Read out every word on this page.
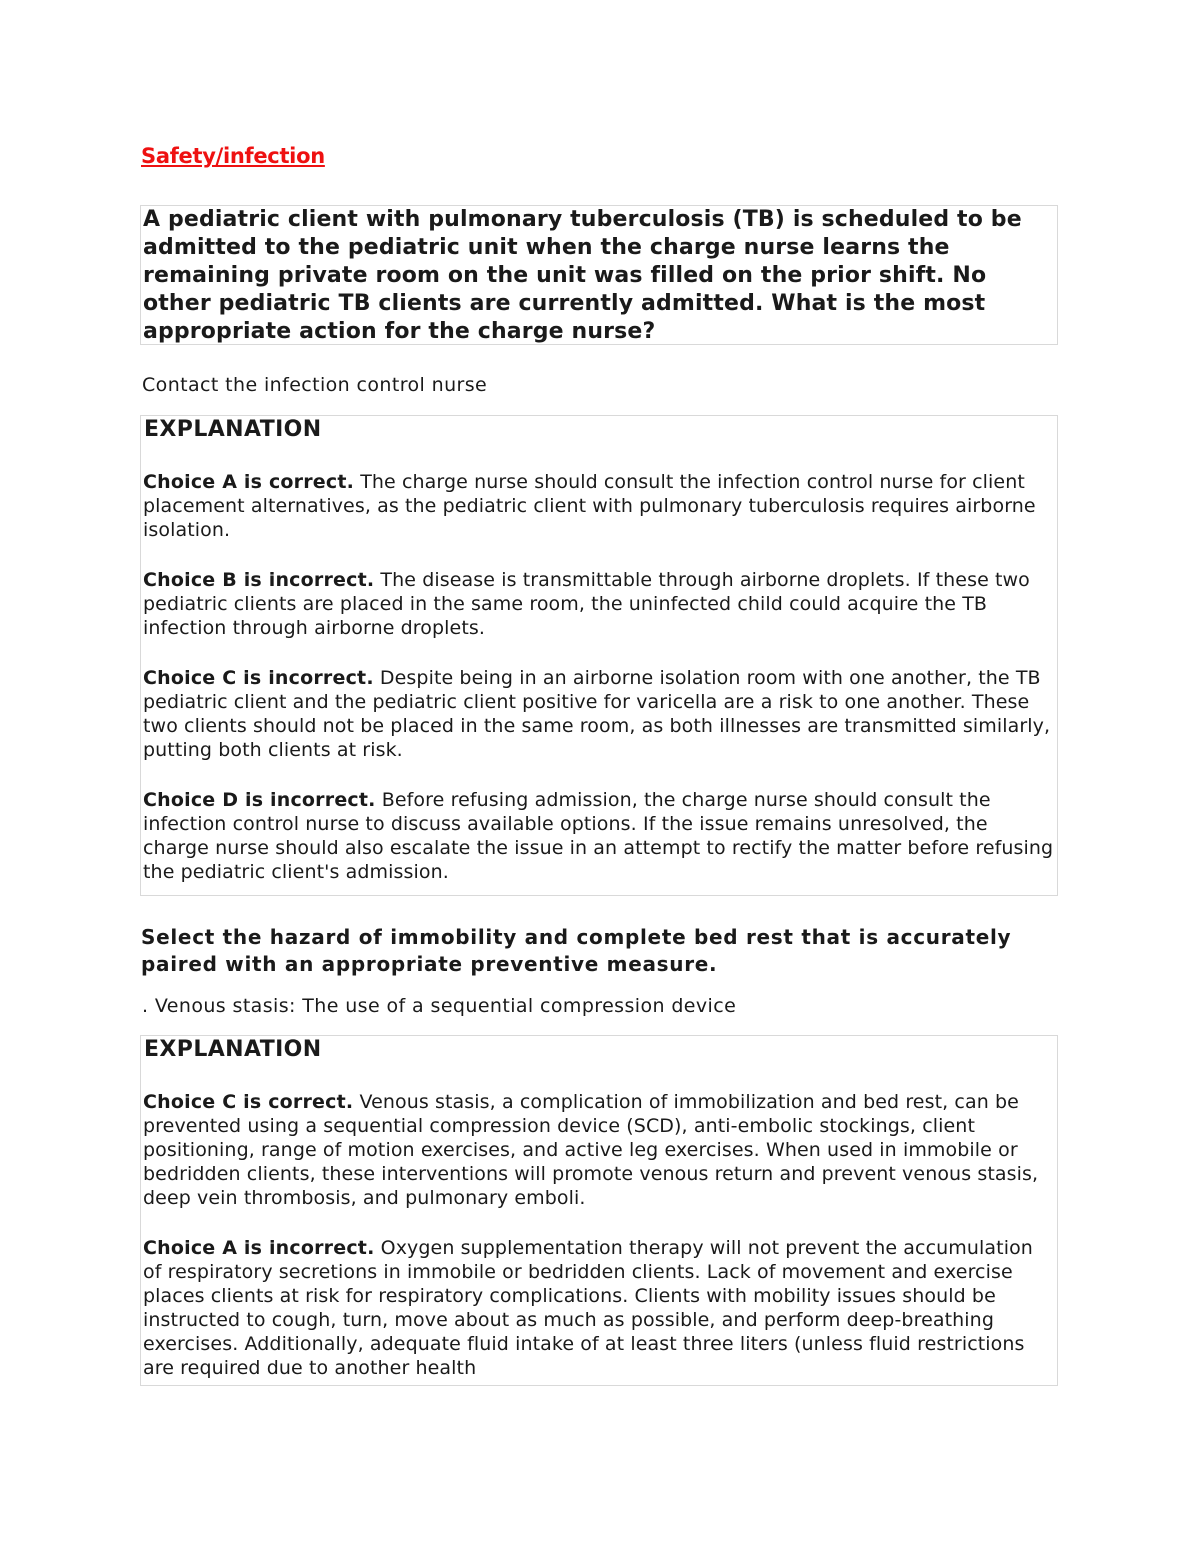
Safety/infection

A pediatric client with pulmonary tuberculosis (TB) is scheduled to be admitted to the pediatric unit when the charge nurse learns the remaining private room on the unit was filled on the prior shift. No other pediatric TB clients are currently admitted. What is the most appropriate action for the charge nurse?

Contact the infection control nurse

EXPLANATION

Choice A is correct. The charge nurse should consult the infection control nurse for client placement alternatives, as the pediatric client with pulmonary tuberculosis requires airborne isolation.

Choice B is incorrect. The disease is transmittable through airborne droplets. If these two pediatric clients are placed in the same room, the uninfected child could acquire the TB infection through airborne droplets.

Choice C is incorrect. Despite being in an airborne isolation room with one another, the TB pediatric client and the pediatric client positive for varicella are a risk to one another. These two clients should not be placed in the same room, as both illnesses are transmitted similarly, putting both clients at risk.

Choice D is incorrect. Before refusing admission, the charge nurse should consult the infection control nurse to discuss available options. If the issue remains unresolved, the charge nurse should also escalate the issue in an attempt to rectify the matter before refusing the pediatric client's admission.

Select the hazard of immobility and complete bed rest that is accurately paired with an appropriate preventive measure.

. Venous stasis: The use of a sequential compression device

EXPLANATION

Choice C is correct. Venous stasis, a complication of immobilization and bed rest, can be prevented using a sequential compression device (SCD), anti-embolic stockings, client positioning, range of motion exercises, and active leg exercises. When used in immobile or bedridden clients, these interventions will promote venous return and prevent venous stasis, deep vein thrombosis, and pulmonary emboli.

Choice A is incorrect. Oxygen supplementation therapy will not prevent the accumulation of respiratory secretions in immobile or bedridden clients. Lack of movement and exercise places clients at risk for respiratory complications. Clients with mobility issues should be instructed to cough, turn, move about as much as possible, and perform deep-breathing exercises. Additionally, adequate fluid intake of at least three liters (unless fluid restrictions are required due to another health
